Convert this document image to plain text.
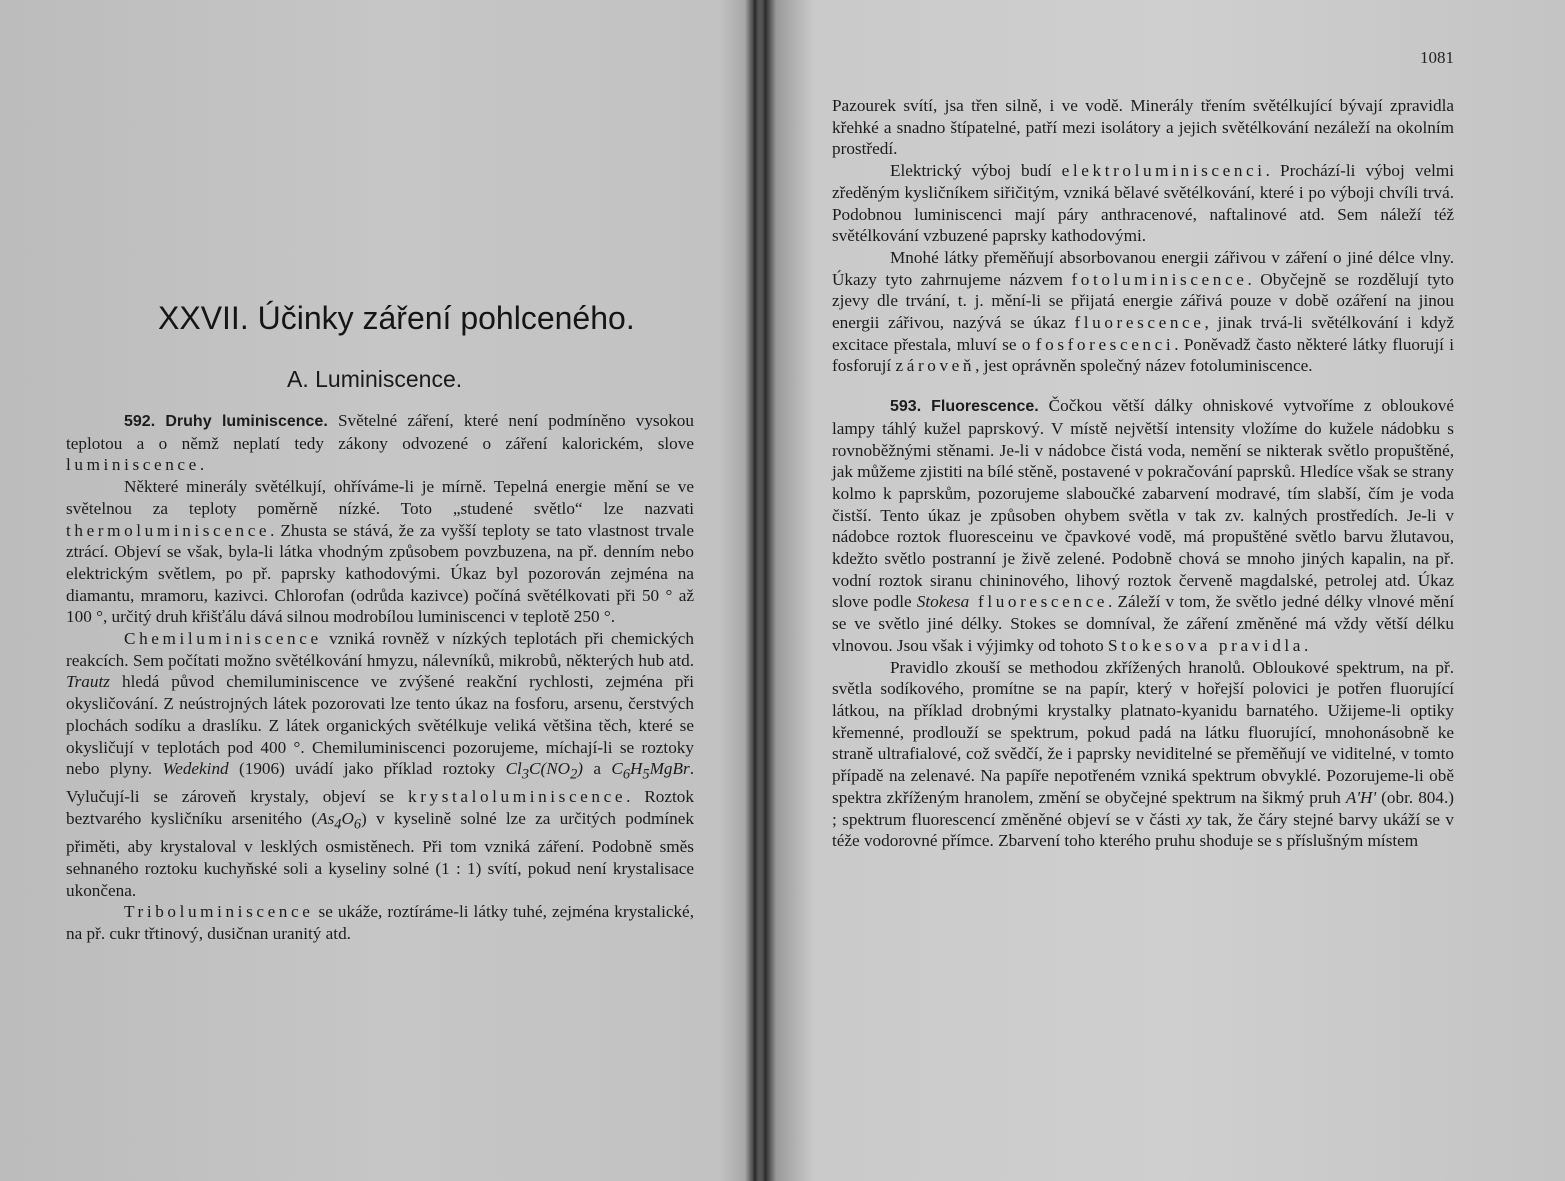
XXVII. Účinky záření pohlceného.
A. Luminiscence.

592. Druhy luminiscence. Světelné záření, které není podmíněno vysokou teplotou a o němž neplatí tedy zákony odvozené o záření kalorickém, slove luminiscence.

Některé minerály světélkují, ohříváme-li je mírně. Tepelná energie mění se ve světelnou za teploty poměrně nízké. Toto „studené světlo“ lze nazvati thermoluminiscence. Zhusta se stává, že za vyšší teploty se tato vlastnost trvale ztrácí. Objeví se však, byla-li látka vhodným způsobem povzbuzena, na př. denním nebo elektrickým světlem, po př. paprsky kathodovými. Úkaz byl pozorován zejména na diamantu, mramoru, kazivci. Chlorofan (odrůda kazivce) počíná světélkovati při 50 ° až 100 °, určitý druh křišťálu dává silnou modrobílou luminiscenci v teplotě 250 °.

Chemiluminiscence vzniká rovněž v nízkých teplotách při chemických reakcích. Sem počítati možno světélkování hmyzu, nálevníků, mikrobů, některých hub atd. Trautz hledá původ chemiluminiscence ve zvýšené reakční rychlosti, zejména při okysličování. Z neústrojných látek pozorovati lze tento úkaz na fosforu, arsenu, čerstvých plochách sodíku a draslíku. Z látek organických světélkuje veliká většina těch, které se okysličují v teplotách pod 400 °. Chemiluminiscenci pozorujeme, míchají-li se roztoky nebo plyny. Wedekind (1906) uvádí jako příklad roztoky $Cl_3C(NO_2)$ a $C_6H_5MgBr$. Vylučují-li se zároveň krystaly, objeví se krystaloluminiscence. Roztok beztvarého kysličníku arsenitého $(As_4O_6)$ v kyselině solné lze za určitých podmínek přiměti, aby krystaloval v lesklých osmistěnech. Při tom vzniká záření. Podobně směs sehnaného roztoku kuchyňské soli a kyseliny solné (1 : 1) svítí, pokud není krystalisace ukončena.

Triboluminiscence se ukáže, roztíráme-li látky tuhé, zejména krystalické, na př. cukr třtinový, dusičnan uranitý atd.

1081

Pazourek svítí, jsa třen silně, i ve vodě. Minerály třením světélkující bývají zpravidla křehké a snadno štípatelné, patří mezi isolátory a jejich světélkování nezáleží na okolním prostředí.

Elektrický výboj budí elektroluminiscenci. Prochází-li výboj velmi zředěným kysličníkem siřičitým, vzniká bělavé světélkování, které i po výboji chvíli trvá. Podobnou luminiscenci mají páry anthracenové, naftalinové atd. Sem náleží též světélkování vzbuzené paprsky kathodovými.

Mnohé látky přeměňují absorbovanou energii zářivou v záření o jiné délce vlny. Úkazy tyto zahrnujeme názvem fotoluminiscence. Obyčejně se rozdělují tyto zjevy dle trvání, t. j. mění-li se přijatá energie zářivá pouze v době ozáření na jinou energii zářivou, nazývá se úkaz fluorescence, jinak trvá-li světélkování i když excitace přestala, mluví se o fosforescenci. Poněvadž často některé látky fluorují i fosforují zároveň, jest oprávněn společný název fotoluminiscence.

593. Fluorescence. Čočkou větší dálky ohniskové vytvoříme z obloukové lampy táhlý kužel paprskový. V místě největší intensity vložíme do kužele nádobku s rovnoběžnými stěnami. Je-li v nádobce čistá voda, nemění se nikterak světlo propuštěné, jak můžeme zjistiti na bílé stěně, postavené v pokračování paprsků. Hledíce však se strany kolmo k paprskům, pozorujeme slaboučké zabarvení modravé, tím slabší, čím je voda čistší. Tento úkaz je způsoben ohybem světla v tak zv. kalných prostředích. Je-li v nádobce roztok fluoresceinu ve čpavkové vodě, má propuštěné světlo barvu žlutavou, kdežto světlo postranní je živě zelené. Podobně chová se mnoho jiných kapalin, na př. vodní roztok siranu chininového, lihový roztok červeně magdalské, petrolej atd. Úkaz slove podle Stokesa fluorescence. Záleží v tom, že světlo jedné délky vlnové mění se ve světlo jiné délky. Stokes se domníval, že záření změněné má vždy větší délku vlnovou. Jsou však i výjimky od tohoto Stokesova pravidla.

Pravidlo zkouší se methodou zkřížených hranolů. Obloukové spektrum, na př. světla sodíkového, promítne se na papír, který v hořejší polovici je potřen fluorující látkou, na příklad drobnými krystalky platnato-kyanidu barnatého. Užijeme-li optiky křemenné, prodlouží se spektrum, pokud padá na látku fluorující, mnohonásobně ke straně ultrafialové, což svědčí, že i paprsky neviditelné se přeměňují ve viditelné, v tomto případě na zelenavé. Na papíře nepotřeném vzniká spektrum obvyklé. Pozorujeme-li obě spektra zkříženým hranolem, změní se obyčejné spektrum na šikmý pruh A'H' (obr. 804.) ; spektrum fluorescencí změněné objeví se v části xy tak, že čáry stejné barvy ukáží se v téže vodorovné přímce. Zbarvení toho kterého pruhu shoduje se s příslušným místem
